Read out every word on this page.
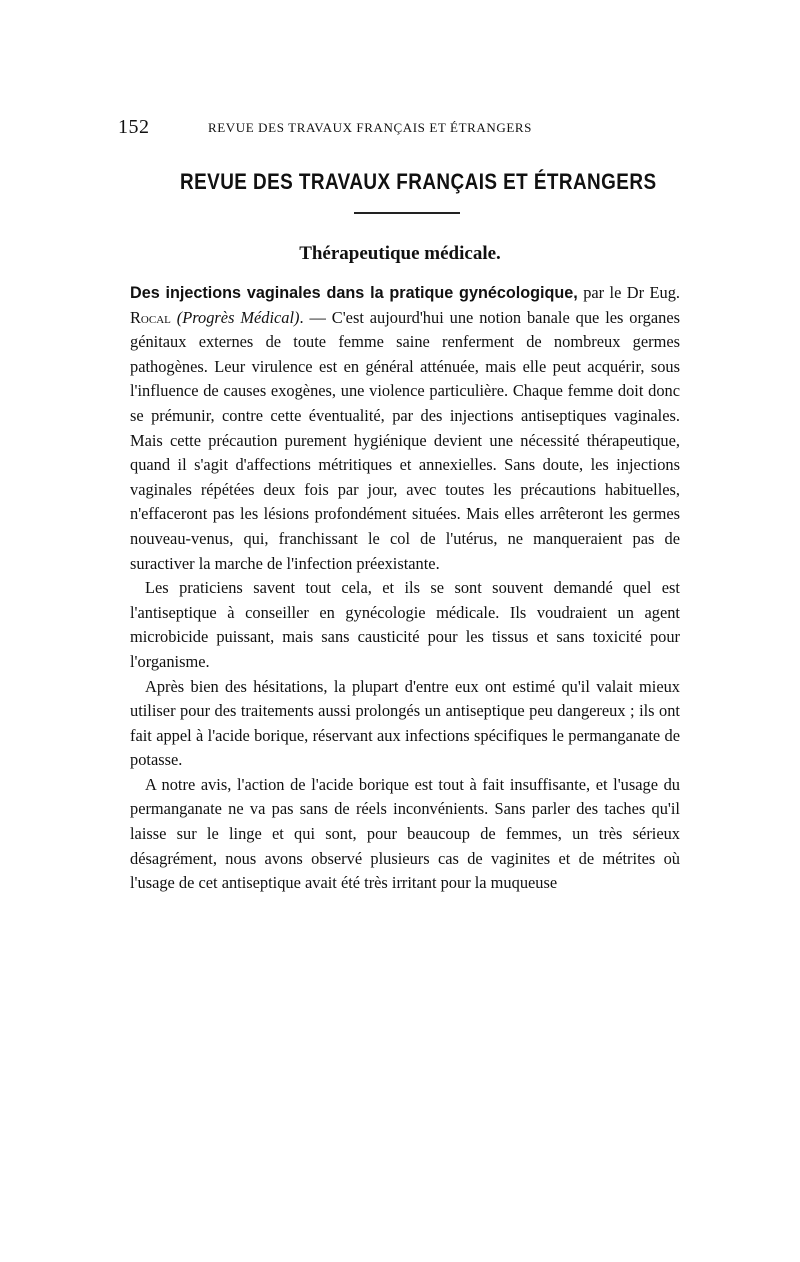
152	REVUE DES TRAVAUX FRANÇAIS ET ÉTRANGERS
REVUE DES TRAVAUX FRANÇAIS ET ÉTRANGERS
Thérapeutique médicale.

Des injections vaginales dans la pratique gynécologique, par le Dr Eug. Rocal (Progrès Médical). — C'est aujourd'hui une notion banale que les organes génitaux externes de toute femme saine renferment de nombreux germes pathogènes. Leur virulence est en général atténuée, mais elle peut acquérir, sous l'influence de causes exogènes, une violence particulière. Chaque femme doit donc se prémunir, contre cette éventualité, par des injections antiseptiques vaginales. Mais cette précaution purement hygiénique devient une nécessité thérapeutique, quand il s'agit d'affections métritiques et annexielles. Sans doute, les injections vaginales répétées deux fois par jour, avec toutes les précautions habituelles, n'effaceront pas les lésions profondément situées. Mais elles arrêteront les germes nouveau-venus, qui, franchissant le col de l'utérus, ne manqueraient pas de suractiver la marche de l'infection préexistante.

Les praticiens savent tout cela, et ils se sont souvent demandé quel est l'antiseptique à conseiller en gynécologie médicale. Ils voudraient un agent microbicide puissant, mais sans causticité pour les tissus et sans toxicité pour l'organisme.

Après bien des hésitations, la plupart d'entre eux ont estimé qu'il valait mieux utiliser pour des traitements aussi prolongés un antiseptique peu dangereux ; ils ont fait appel à l'acide borique, réservant aux infections spécifiques le permanganate de potasse.

A notre avis, l'action de l'acide borique est tout à fait insuffisante, et l'usage du permanganate ne va pas sans de réels inconvénients. Sans parler des taches qu'il laisse sur le linge et qui sont, pour beaucoup de femmes, un très sérieux désagrément, nous avons observé plusieurs cas de vaginites et de métrites où l'usage de cet antiseptique avait été très irritant pour la muqueuse
